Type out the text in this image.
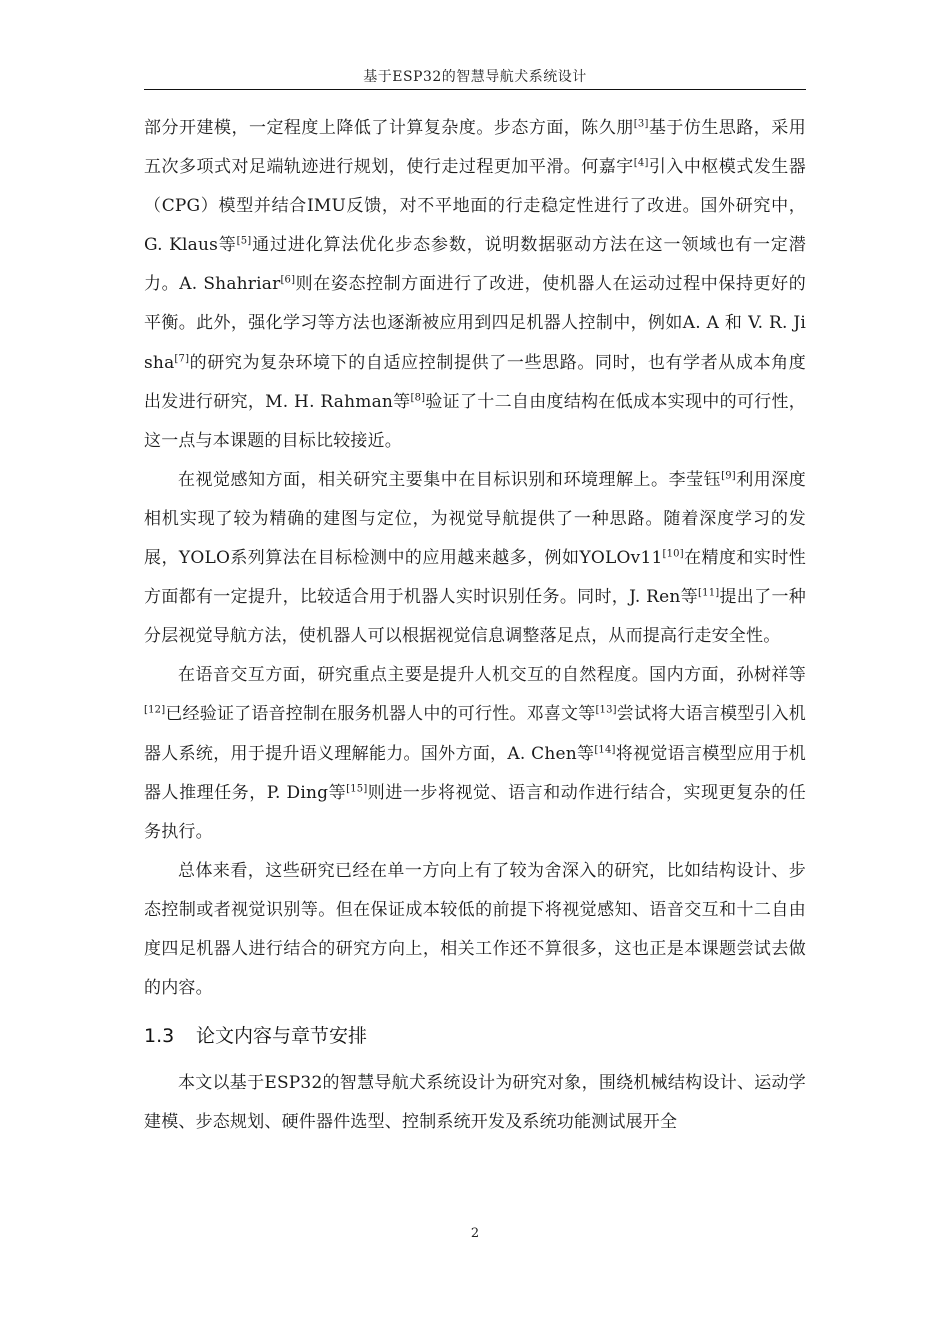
基于ESP32的智慧导航犬系统设计

部分开建模，一定程度上降低了计算复杂度。步态方面，陈久朋[3]基于仿生思路，采用五次多项式对足端轨迹进行规划，使行走过程更加平滑。何嘉宇[4]引入中枢模式发生器（CPG）模型并结合IMU反馈，对不平地面的行走稳定性进行了改进。国外研究中，G. Klaus等[5]通过进化算法优化步态参数，说明数据驱动方法在这一领域也有一定潜力。A. Shahriar[6]则在姿态控制方面进行了改进，使机器人在运动过程中保持更好的平衡。此外，强化学习等方法也逐渐被应用到四足机器人控制中，例如A. A 和 V. R. Jisha[7]的研究为复杂环境下的自适应控制提供了一些思路。同时，也有学者从成本角度出发进行研究，M. H. Rahman等[8]验证了十二自由度结构在低成本实现中的可行性，这一点与本课题的目标比较接近。

在视觉感知方面，相关研究主要集中在目标识别和环境理解上。李莹钰[9]利用深度相机实现了较为精确的建图与定位，为视觉导航提供了一种思路。随着深度学习的发展，YOLO系列算法在目标检测中的应用越来越多，例如YOLOv11[10]在精度和实时性方面都有一定提升，比较适合用于机器人实时识别任务。同时，J. Ren等[11]提出了一种分层视觉导航方法，使机器人可以根据视觉信息调整落足点，从而提高行走安全性。

在语音交互方面，研究重点主要是提升人机交互的自然程度。国内方面，孙树祥等[12]已经验证了语音控制在服务机器人中的可行性。邓喜文等[13]尝试将大语言模型引入机器人系统，用于提升语义理解能力。国外方面，A. Chen等[14]将视觉语言模型应用于机器人推理任务，P. Ding等[15]则进一步将视觉、语言和动作进行结合，实现更复杂的任务执行。

总体来看，这些研究已经在单一方向上有了较为舍深入的研究，比如结构设计、步态控制或者视觉识别等。但在保证成本较低的前提下将视觉感知、语音交互和十二自由度四足机器人进行结合的研究方向上，相关工作还不算很多，这也正是本课题尝试去做的内容。

1.3 论文内容与章节安排

本文以基于ESP32的智慧导航犬系统设计为研究对象，围绕机械结构设计、运动学建模、步态规划、硬件器件选型、控制系统开发及系统功能测试展开全

2
